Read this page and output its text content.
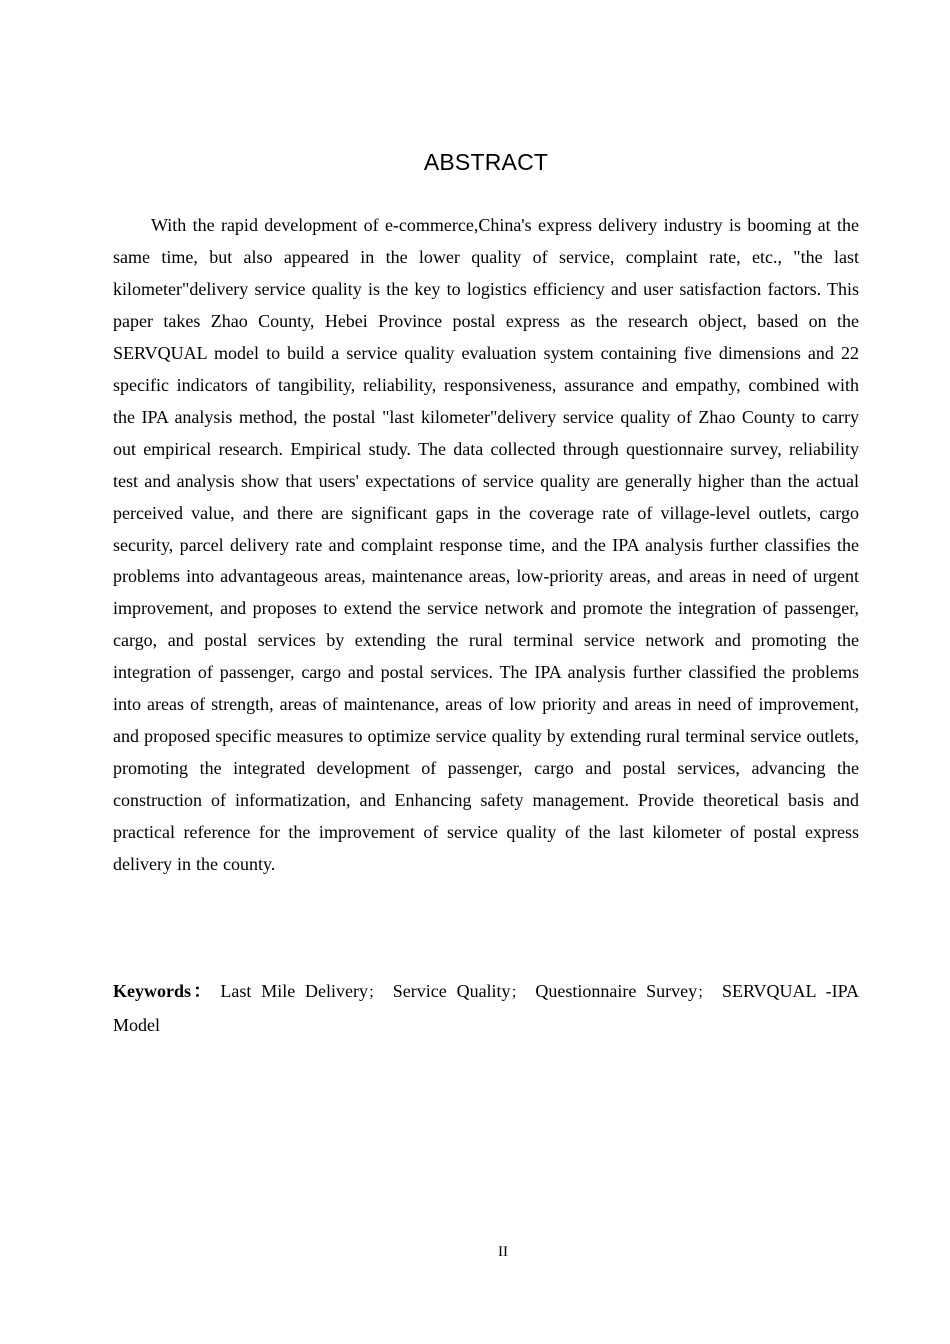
ABSTRACT

With the rapid development of e-commerce,China's express delivery industry is booming at the same time, but also appeared in the lower quality of service, complaint rate, etc., "the last kilometer"delivery service quality is the key to logistics efficiency and user satisfaction factors. This paper takes Zhao County, Hebei Province postal express as the research object, based on the SERVQUAL model to build a service quality evaluation system containing five dimensions and 22 specific indicators of tangibility, reliability, responsiveness, assurance and empathy, combined with the IPA analysis method, the postal "last kilometer"delivery service quality of Zhao County to carry out empirical research. Empirical study. The data collected through questionnaire survey, reliability test and analysis show that users' expectations of service quality are generally higher than the actual perceived value, and there are significant gaps in the coverage rate of village-level outlets, cargo security, parcel delivery rate and complaint response time, and the IPA analysis further classifies the problems into advantageous areas, maintenance areas, low-priority areas, and areas in need of urgent improvement, and proposes to extend the service network and promote the integration of passenger, cargo, and postal services by extending the rural terminal service network and promoting the integration of passenger, cargo and postal services. The IPA analysis further classified the problems into areas of strength, areas of maintenance, areas of low priority and areas in need of improvement, and proposed specific measures to optimize service quality by extending rural terminal service outlets, promoting the integrated development of passenger, cargo and postal services, advancing the construction of informatization, and Enhancing safety management. Provide theoretical basis and practical reference for the improvement of service quality of the last kilometer of postal express delivery in the county.

Keywords： Last Mile Delivery； Service Quality； Questionnaire Survey； SERVQUAL -IPA Model

II
